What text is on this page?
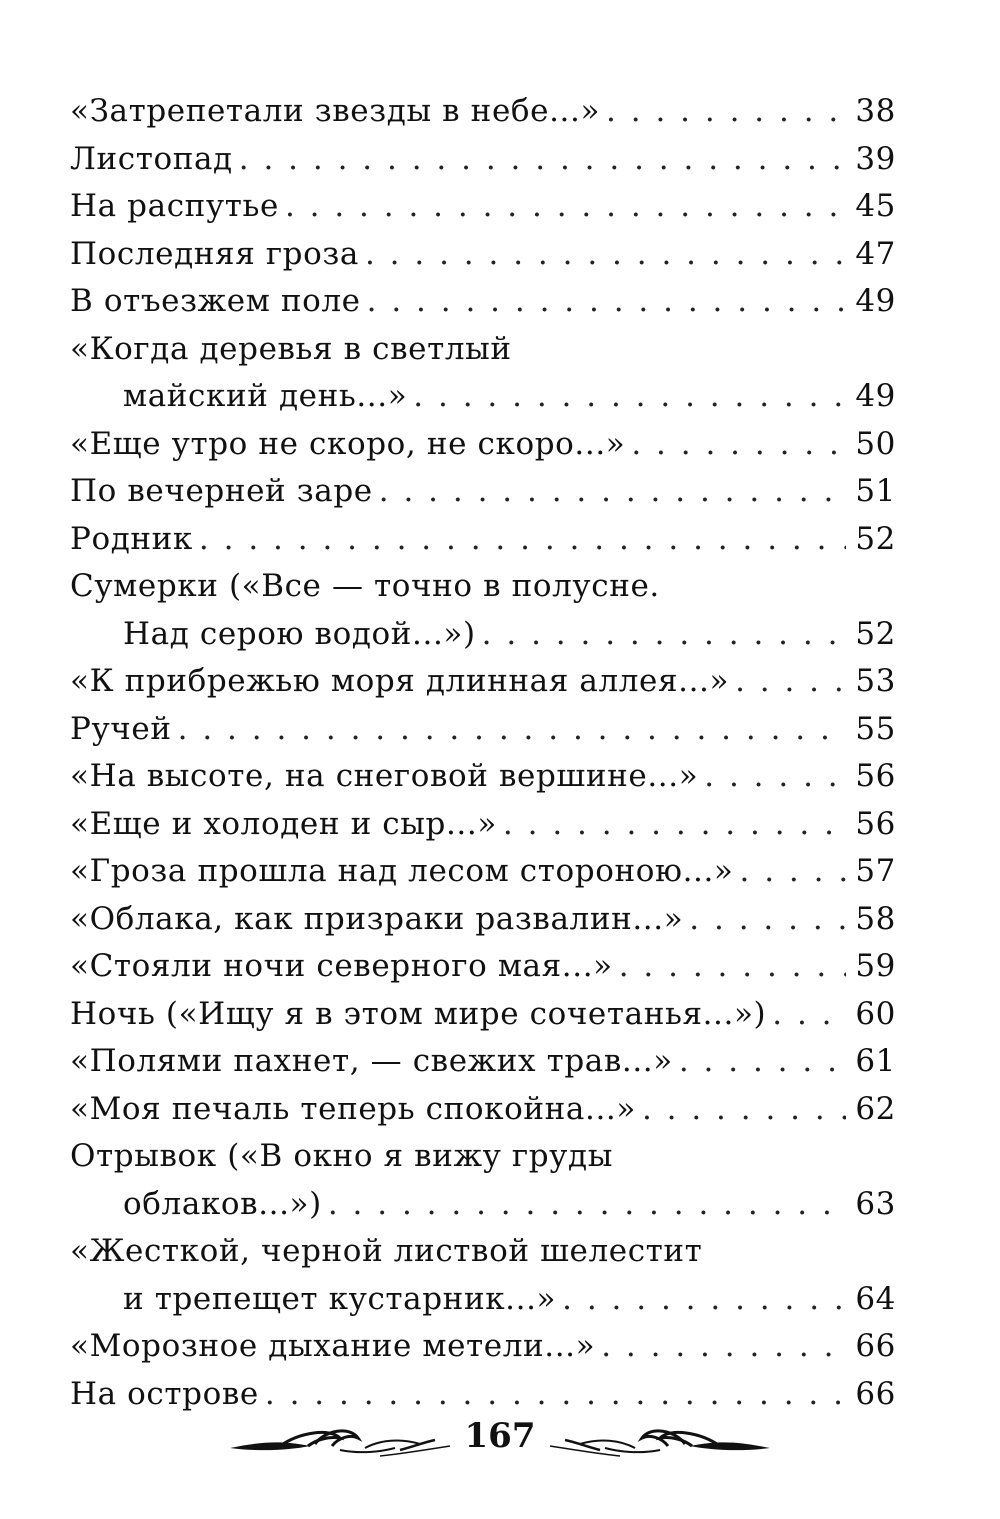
«Затрепетали звезды в небе...» . . .	38
Листопад . . .	39
На распутье . . .	45
Последняя гроза . . .	47
В отъезжем поле . . .	49
«Когда деревья в светлый
майский день...» . . .	49
«Еще утро не скоро, не скоро...» . . .	50
По вечерней заре . . .	51
Родник . . .	52
Сумерки («Все — точно в полусне.
Над серою водой...») . . .	52
«К прибрежью моря длинная аллея...» . . .	53
Ручей . . .	55
«На высоте, на снеговой вершине...» . . .	56
«Еще и холоден и сыр...» . . .	56
«Гроза прошла над лесом стороною...» . . .	57
«Облака, как призраки развалин...» . . .	58
«Стояли ночи северного мая...» . . .	59
Ночь («Ищу я в этом мире сочетанья...») . . .	60
«Полями пахнет, — свежих трав...» . . .	61
«Моя печаль теперь спокойна...» . . .	62
Отрывок («В окно я вижу груды
облаков...») . . .	63
«Жесткой, черной листвой шелестит
и трепещет кустарник...» . . .	64
«Морозное дыхание метели...» . . .	66
На острове . . .	66
167
